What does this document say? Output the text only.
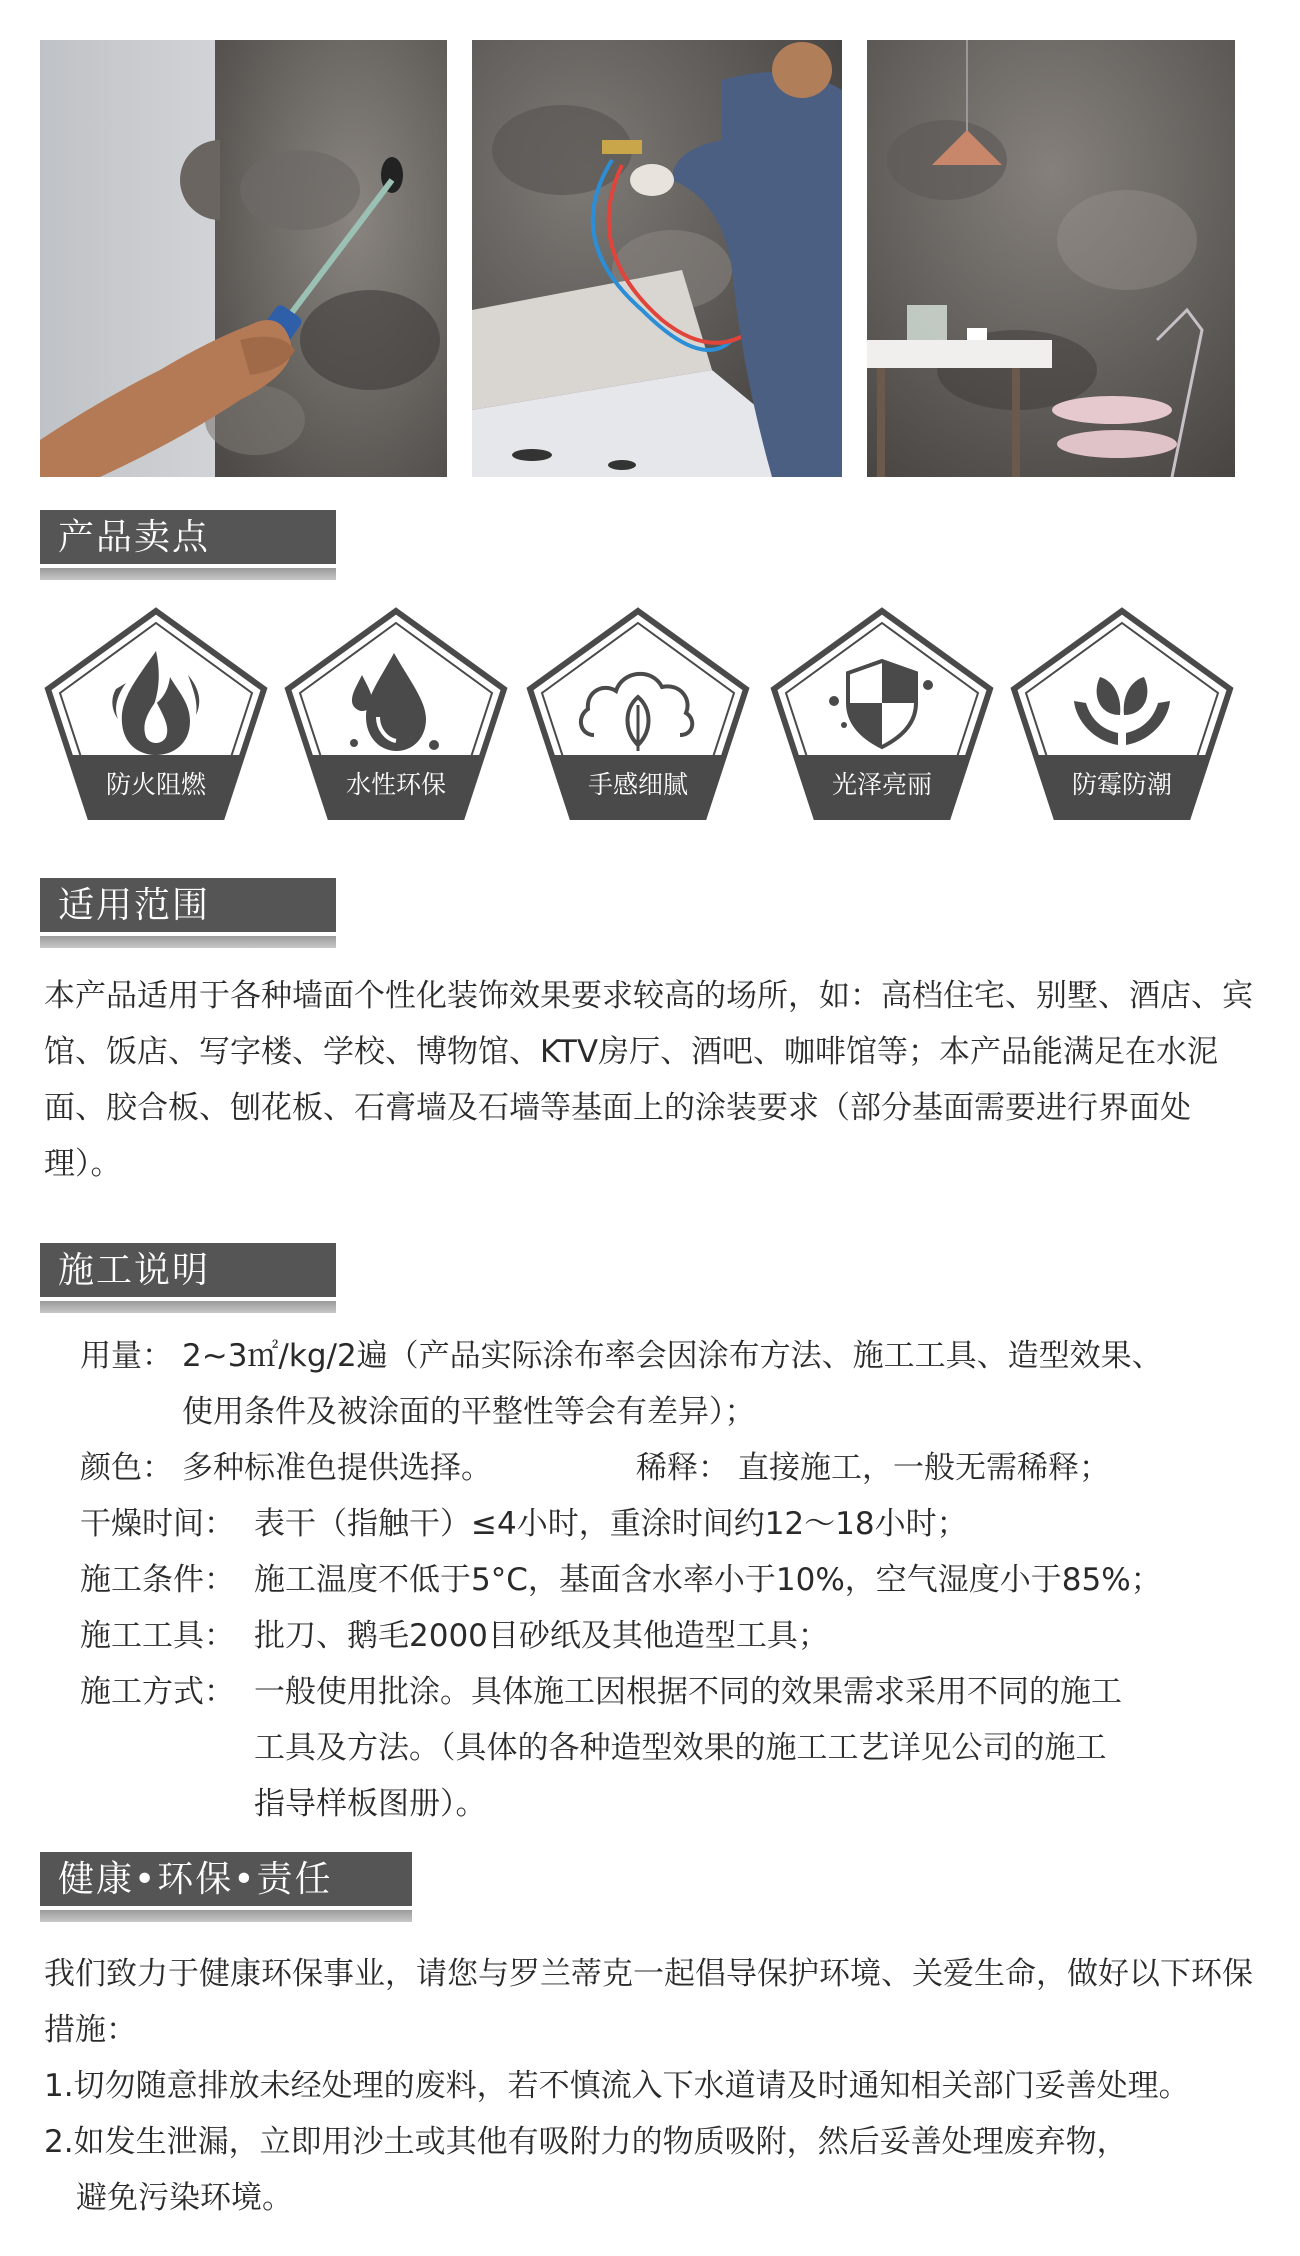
产品卖点
防火阻燃	水性环保	手感细腻	光泽亮丽	防霉防潮
适用范围
本产品适用于各种墙面个性化装饰效果要求较高的场所，如：高档住宅、别墅、酒店、宾馆、饭店、写字楼、学校、博物馆、KTV房厅、酒吧、咖啡馆等；本产品能满足在水泥面、胶合板、刨花板、石膏墙及石墙等基面上的涂装要求（部分基面需要进行界面处理）。
施工说明
用量： 2~3㎡/kg/2遍（产品实际涂布率会因涂布方法、施工工具、造型效果、
使用条件及被涂面的平整性等会有差异）；
颜色： 多种标准色提供选择。	稀释： 直接施工，一般无需稀释；
干燥时间： 表干（指触干）≤4小时，重涂时间约12～18小时；
施工条件： 施工温度不低于5°C，基面含水率小于10%，空气湿度小于85%；
施工工具： 批刀、鹅毛2000目砂纸及其他造型工具；
施工方式： 一般使用批涂。具体施工因根据不同的效果需求采用不同的施工
工具及方法。（具体的各种造型效果的施工工艺详见公司的施工
指导样板图册）。
健康•环保•责任
我们致力于健康环保事业，请您与罗兰蒂克一起倡导保护环境、关爱生命，做好以下环保措施：
1.切勿随意排放未经处理的废料，若不慎流入下水道请及时通知相关部门妥善处理。
2.如发生泄漏，立即用沙土或其他有吸附力的物质吸附，然后妥善处理废弃物，
避免污染环境。
